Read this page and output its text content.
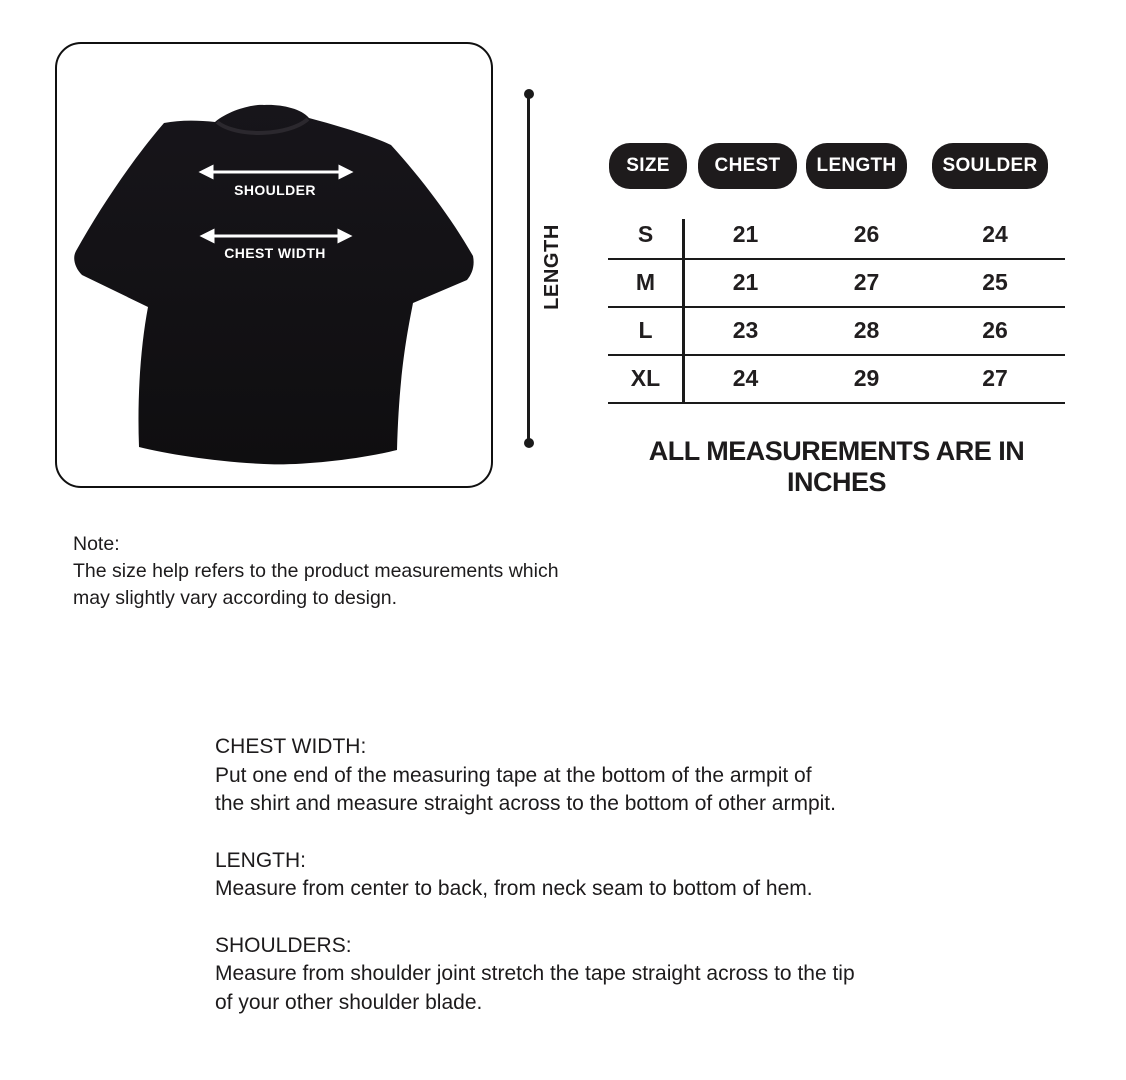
SHOULDER
CHEST WIDTH	LENGTH
SIZE	CHEST	LENGTH	SOULDER
S	21	26	24
M	21	27	25
L	23	28	26
XL	24	29	27
ALL MEASUREMENTS ARE IN INCHES
Note:
The size help refers to the product measurements which
may slightly vary according to design.
CHEST WIDTH:
Put one end of the measuring tape at the bottom of the armpit of
the shirt and measure straight across to the bottom of other armpit.
LENGTH:
Measure from center to back, from neck seam to bottom of hem.
SHOULDERS:
Measure from shoulder joint stretch the tape straight across to the tip
of your other shoulder blade.
